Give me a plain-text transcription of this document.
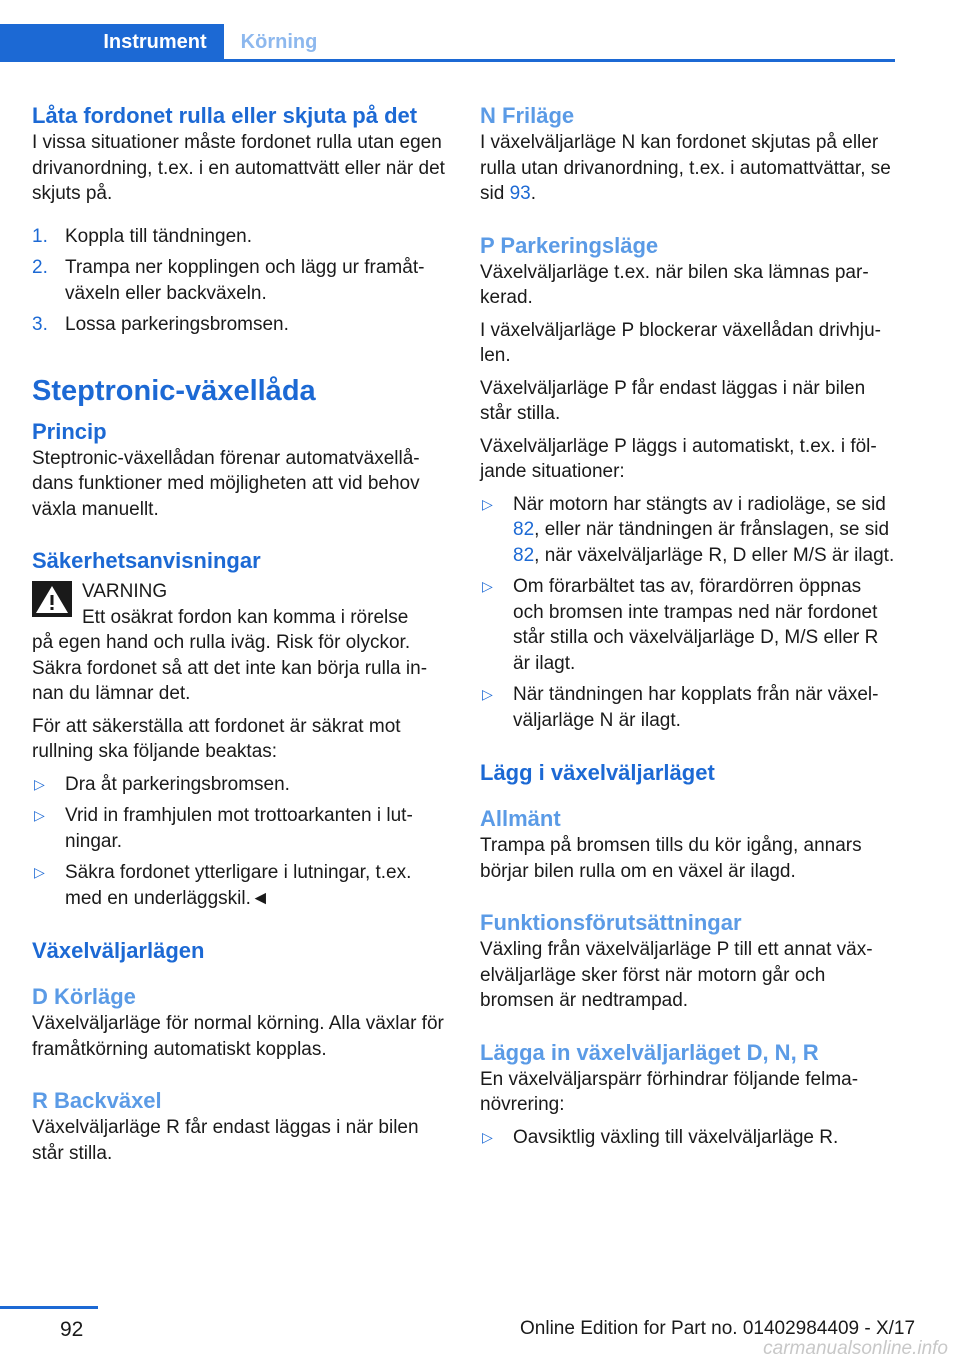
Instrument	Körning
Låta fordonet rulla eller skjuta på det

I vissa situationer måste fordonet rulla utan egen drivanordning, t.ex. i en automattvätt eller när det skjuts på.

1. Koppla till tändningen.
2. Trampa ner kopplingen och lägg ur framåtväxeln eller backväxeln.
3. Lossa parkeringsbromsen.
Steptronic-växellåda
Princip

Steptronic-växellådan förenar automatväxellådans funktioner med möjligheten att vid behov växla manuellt.

Säkerhetsanvisningar
VARNING
Ett osäkrat fordon kan komma i rörelse

på egen hand och rulla iväg. Risk för olyckor. Säkra fordonet så att det inte kan börja rulla innan du lämnar det.

För att säkerställa att fordonet är säkrat mot rullning ska följande beaktas:

▷ Dra åt parkeringsbromsen.
▷ Vrid in framhjulen mot trottoarkanten i lutningar.
▷ Säkra fordonet ytterligare i lutningar, t.ex. med en underläggskil.◄
Växelväljarlägen
D Körläge

Växelväljarläge för normal körning. Alla växlar för framåtkörning automatiskt kopplas.

R Backväxel

Växelväljarläge R får endast läggas i när bilen står stilla.

N Friläge

I växelväljarläge N kan fordonet skjutas på eller rulla utan drivanordning, t.ex. i automattvättar, se sid 93.

P Parkeringsläge

Växelväljarläge t.ex. när bilen ska lämnas parkerad.

I växelväljarläge P blockerar växellådan drivhjulen.

Växelväljarläge P får endast läggas i när bilen står stilla.

Växelväljarläge P läggs i automatiskt, t.ex. i följande situationer:

▷ När motorn har stängts av i radioläge, se sid 82, eller när tändningen är frånslagen, se sid 82, när växelväljarläge R, D eller M/S är ilagt.
▷ Om förarbältet tas av, förardörren öppnas och bromsen inte trampas ned när fordonet står stilla och växelväljarläge D, M/S eller R är ilagt.
▷ När tändningen har kopplats från när växelväljarläge N är ilagt.
Lägg i växelväljarläget
Allmänt

Trampa på bromsen tills du kör igång, annars börjar bilen rulla om en växel är ilagd.

Funktionsförutsättningar

Växling från växelväljarläge P till ett annat växelväljarläge sker först när motorn går och bromsen är nedtrampad.

Lägga in växelväljarläget D, N, R

En växelväljarspärr förhindrar följande felmanövrering:

▷ Oavsiktlig växling till växelväljarläge R.
92	Online Edition for Part no. 01402984409 - X/17
carmanualsonline.info
